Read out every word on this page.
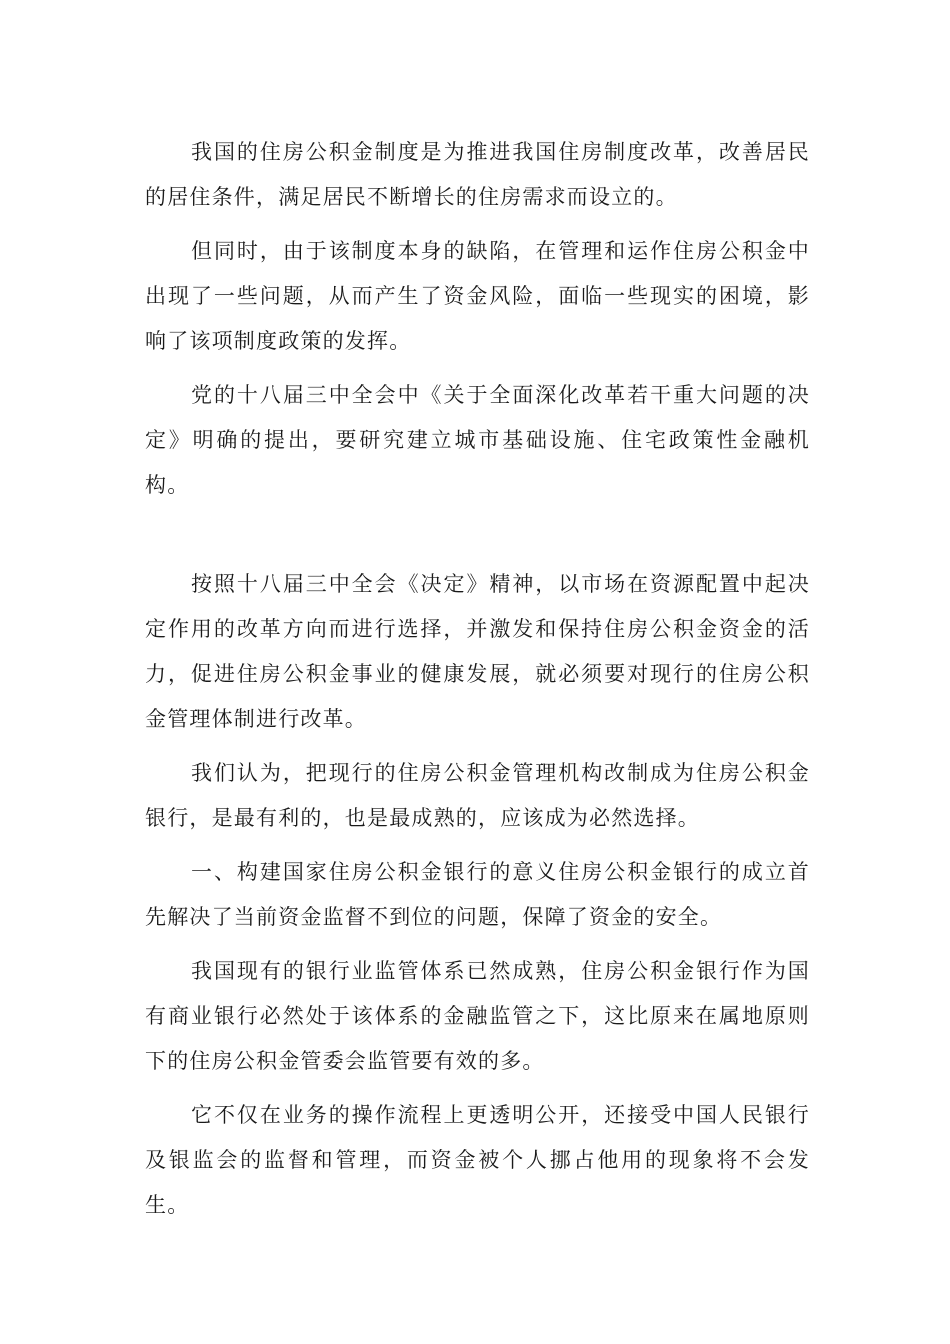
我国的住房公积金制度是为推进我国住房制度改革，改善居民的居住条件，满足居民不断增长的住房需求而设立的。

但同时，由于该制度本身的缺陷，在管理和运作住房公积金中出现了一些问题，从而产生了资金风险，面临一些现实的困境，影响了该项制度政策的发挥。

党的十八届三中全会中《关于全面深化改革若干重大问题的决定》明确的提出，要研究建立城市基础设施、住宅政策性金融机构。

按照十八届三中全会《决定》精神，以市场在资源配置中起决定作用的改革方向而进行选择，并激发和保持住房公积金资金的活力，促进住房公积金事业的健康发展，就必须要对现行的住房公积金管理体制进行改革。

我们认为，把现行的住房公积金管理机构改制成为住房公积金银行，是最有利的，也是最成熟的，应该成为必然选择。

一、构建国家住房公积金银行的意义住房公积金银行的成立首先解决了当前资金监督不到位的问题，保障了资金的安全。

我国现有的银行业监管体系已然成熟，住房公积金银行作为国有商业银行必然处于该体系的金融监管之下，这比原来在属地原则下的住房公积金管委会监管要有效的多。

它不仅在业务的操作流程上更透明公开，还接受中国人民银行及银监会的监督和管理，而资金被个人挪占他用的现象将不会发生。
